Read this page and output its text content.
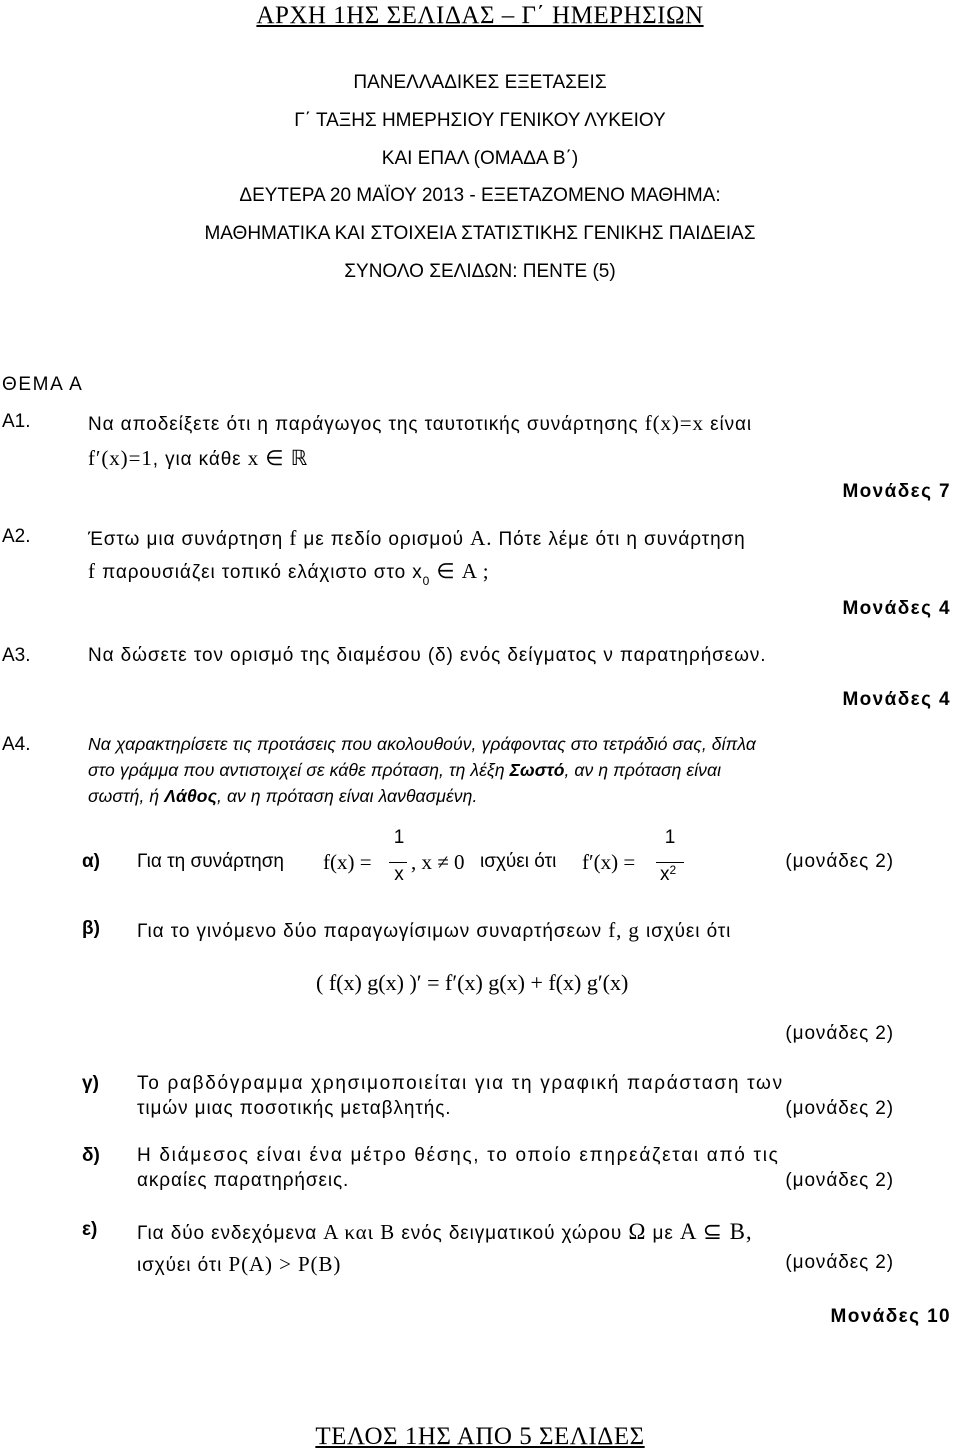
ΑΡΧΗ 1ΗΣ ΣΕΛΙΔΑΣ – Γ΄ ΗΜΕΡΗΣΙΩΝ
ΠΑΝΕΛΛΑΔΙΚΕΣ ΕΞΕΤΑΣΕΙΣ
Γ΄ ΤΑΞΗΣ ΗΜΕΡΗΣΙΟΥ ΓΕΝΙΚΟΥ ΛΥΚΕΙΟΥ
ΚΑΙ ΕΠΑΛ (ΟΜΑΔΑ Β΄)
ΔΕΥΤΕΡΑ 20 ΜΑΪΟΥ 2013 - ΕΞΕΤΑΖΟΜΕΝΟ ΜΑΘΗΜΑ:
ΜΑΘΗΜΑΤΙΚΑ ΚΑΙ ΣΤΟΙΧΕΙΑ ΣΤΑΤΙΣΤΙΚΗΣ ΓΕΝΙΚΗΣ ΠΑΙΔΕΙΑΣ
ΣΥΝΟΛΟ ΣΕΛΙΔΩΝ: ΠΕΝΤΕ (5)
ΘΕΜΑ Α
Α1.	Να αποδείξετε ότι η παράγωγος της ταυτοτικής συνάρτησης f(x)=x είναι
f′(x)=1, για κάθε x ∈ ℝ
Μονάδες 7
Α2.	Έστω μια συνάρτηση f με πεδίο ορισμού Α. Πότε λέμε ότι η συνάρτηση
f παρουσιάζει τοπικό ελάχιστο στο $x_0$ ∈ Α ;
Μονάδες 4
Α3.	Να δώσετε τον ορισμό της διαμέσου (δ) ενός δείγματος ν παρατηρήσεων.
Μονάδες 4
Α4.	Να χαρακτηρίσετε τις προτάσεις που ακολουθούν, γράφοντας στο τετράδιό σας, δίπλα
στο γράμμα που αντιστοιχεί σε κάθε πρόταση, τη λέξη Σωστό, αν η πρόταση είναι
σωστή, ή Λάθος, αν η πρόταση είναι λανθασμένη.
α) Για τη συνάρτηση f(x) =
1
x
, x ≠ 0 ισχύει ότι f′(x) =
1
$x^2$	(μονάδες 2)
β) Για το γινόμενο δύο παραγωγίσιμων συναρτήσεων f, g ισχύει ότι
( f(x) g(x) )′ = f′(x) g(x) + f(x) g′(x)
(μονάδες 2)
γ) Το ραβδόγραμμα χρησιμοποιείται για τη γραφική παράσταση των
τιμών μιας ποσοτικής μεταβλητής.	(μονάδες 2)
δ) Η διάμεσος είναι ένα μέτρο θέσης, το οποίο επηρεάζεται από τις
ακραίες παρατηρήσεις.	(μονάδες 2)
ε) Για δύο ενδεχόμενα Α και Β ενός δειγματικού χώρου Ω με Α ⊆ Β,
ισχύει ότι P(A) > P(B)	(μονάδες 2)
Μονάδες 10
ΤΕΛΟΣ 1ΗΣ ΑΠΟ 5 ΣΕΛΙΔΕΣ
